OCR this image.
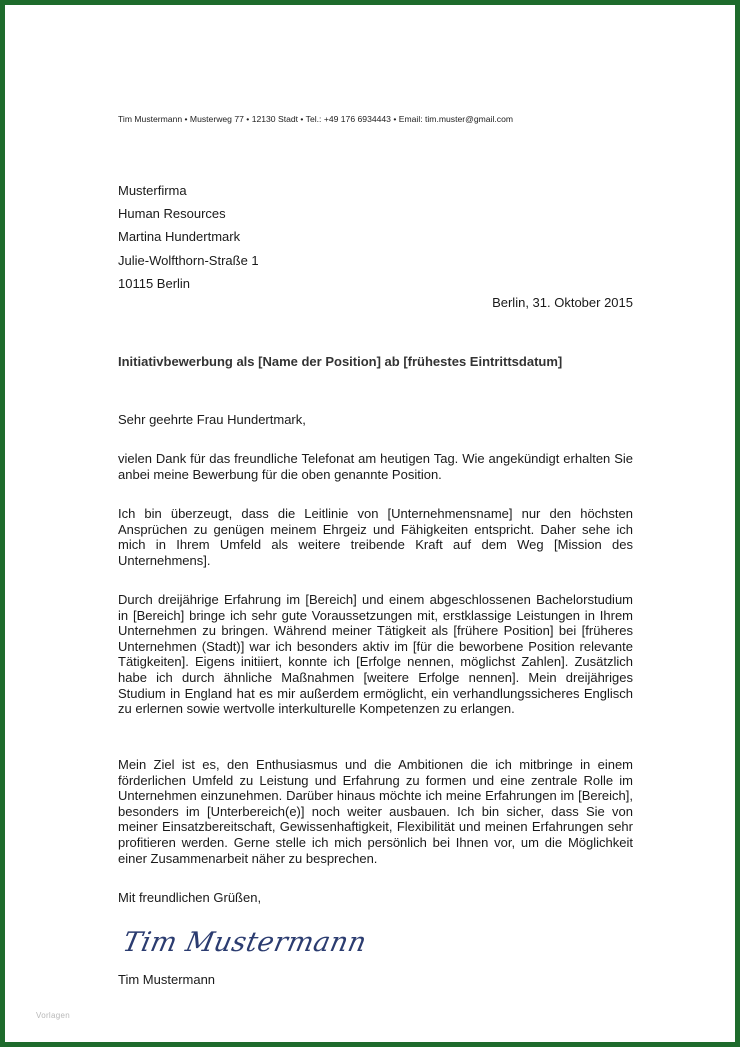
Tim Mustermann • Musterweg 77 • 12130 Stadt • Tel.: +49 176 6934443 • Email: tim.muster@gmail.com
Musterfirma
Human Resources
Martina Hundertmark
Julie-Wolfthorn-Straße 1
10115 Berlin
Berlin, 31. Oktober 2015
Initiativbewerbung als [Name der Position] ab [frühestes Eintrittsdatum]
Sehr geehrte Frau Hundertmark,

vielen Dank für das freundliche Telefonat am heutigen Tag. Wie angekündigt erhalten Sie anbei meine Bewerbung für die oben genannte Position.

Ich bin überzeugt, dass die Leitlinie von [Unternehmensname] nur den höchsten Ansprüchen zu genügen meinem Ehrgeiz und Fähigkeiten entspricht. Daher sehe ich mich in Ihrem Umfeld als weitere treibende Kraft auf dem Weg [Mission des Unternehmens].

Durch dreijährige Erfahrung im [Bereich] und einem abgeschlossenen Bachelorstudium in [Bereich] bringe ich sehr gute Voraussetzungen mit, erstklassige Leistungen in Ihrem Unternehmen zu bringen. Während meiner Tätigkeit als [frühere Position] bei [früheres Unternehmen (Stadt)] war ich besonders aktiv im [für die beworbene Position relevante Tätigkeiten]. Eigens initiiert, konnte ich [Erfolge nennen, möglichst Zahlen]. Zusätzlich habe ich durch ähnliche Maßnahmen [weitere Erfolge nennen]. Mein dreijähriges Studium in England hat es mir außerdem ermöglicht, ein verhandlungssicheres Englisch zu erlernen sowie wertvolle interkulturelle Kompetenzen zu erlangen.

Mein Ziel ist es, den Enthusiasmus und die Ambitionen die ich mitbringe in einem förderlichen Umfeld zu Leistung und Erfahrung zu formen und eine zentrale Rolle im Unternehmen einzunehmen. Darüber hinaus möchte ich meine Erfahrungen im [Bereich], besonders im [Unterbereich(e)] noch weiter ausbauen. Ich bin sicher, dass Sie von meiner Einsatzbereitschaft, Gewissenhaftigkeit, Flexibilität und meinen Erfahrungen sehr profitieren werden. Gerne stelle ich mich persönlich bei Ihnen vor, um die Möglichkeit einer Zusammenarbeit näher zu besprechen.

Mit freundlichen Grüßen,
Tim Mustermann
Tim Mustermann
Vorlagen
